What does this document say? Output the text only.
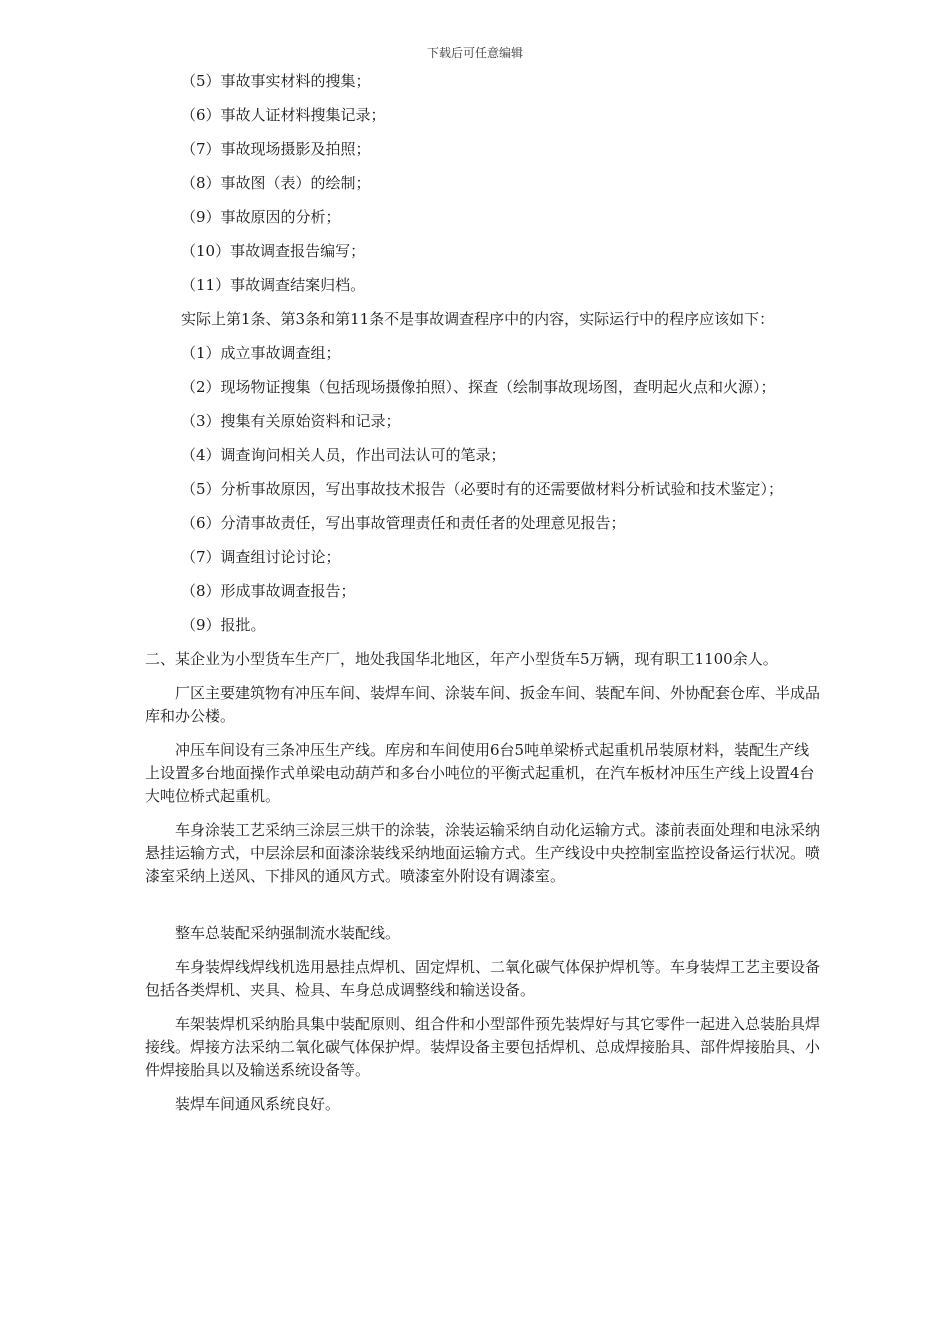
下载后可任意编辑

（5）事故事实材料的搜集；

（6）事故人证材料搜集记录；

（7）事故现场摄影及拍照；

（8）事故图（表）的绘制；

（9）事故原因的分析；

（10）事故调查报告编写；

（11）事故调查结案归档。

实际上第1条、第3条和第11条不是事故调查程序中的内容，实际运行中的程序应该如下：

（1）成立事故调查组；

（2）现场物证搜集（包括现场摄像拍照）、探查（绘制事故现场图，查明起火点和火源）；

（3）搜集有关原始资料和记录；

（4）调查询问相关人员，作出司法认可的笔录；

（5）分析事故原因，写出事故技术报告（必要时有的还需要做材料分析试验和技术鉴定）；

（6）分清事故责任，写出事故管理责任和责任者的处理意见报告；

（7）调查组讨论讨论；

（8）形成事故调查报告；

（9）报批。

二、某企业为小型货车生产厂，地处我国华北地区，年产小型货车5万辆，现有职工1100余人。

厂区主要建筑物有冲压车间、装焊车间、涂装车间、扳金车间、装配车间、外协配套仓库、半成品库和办公楼。

冲压车间设有三条冲压生产线。库房和车间使用6台5吨单梁桥式起重机吊装原材料，装配生产线上设置多台地面操作式单梁电动葫芦和多台小吨位的平衡式起重机，在汽车板材冲压生产线上设置4台大吨位桥式起重机。

车身涂装工艺采纳三涂层三烘干的涂装，涂装运输采纳自动化运输方式。漆前表面处理和电泳采纳悬挂运输方式，中层涂层和面漆涂装线采纳地面运输方式。生产线设中央控制室监控设备运行状况。喷漆室采纳上送风、下排风的通风方式。喷漆室外附设有调漆室。

整车总装配采纳强制流水装配线。

车身装焊线焊线机选用悬挂点焊机、固定焊机、二氧化碳气体保护焊机等。车身装焊工艺主要设备包括各类焊机、夹具、检具、车身总成调整线和输送设备。

车架装焊机采纳胎具集中装配原则、组合件和小型部件预先装焊好与其它零件一起进入总装胎具焊接线。焊接方法采纳二氧化碳气体保护焊。装焊设备主要包括焊机、总成焊接胎具、部件焊接胎具、小件焊接胎具以及输送系统设备等。

装焊车间通风系统良好。
